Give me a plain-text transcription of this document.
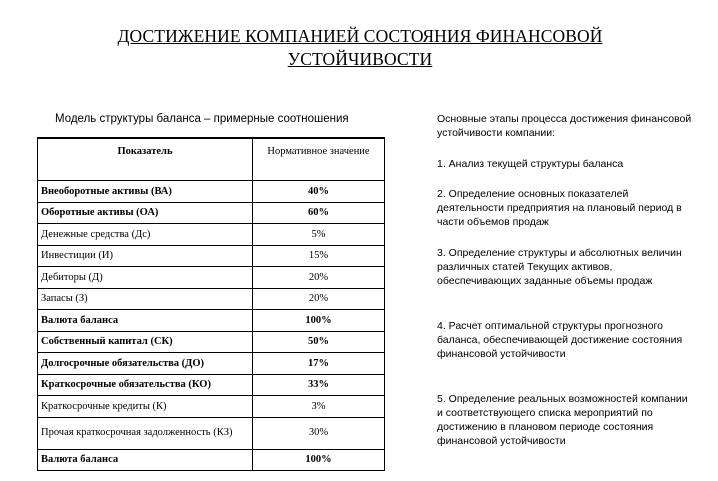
ДОСТИЖЕНИЕ КОМПАНИЕЙ СОСТОЯНИЯ ФИНАНСОВОЙ
УСТОЙЧИВОСТИ
Модель структуры баланса – примерные соотношения
Показатель	Нормативное значение
Внеоборотные активы (ВА)	40%
Оборотные активы (ОА)	60%
Денежные средства (Дс)	5%
Инвестиции (И)	15%
Дебиторы (Д)	20%
Запасы (З)	20%
Валюта баланса	100%
Собственный капитал (СК)	50%
Долгосрочные обязательства (ДО)	17%
Краткосрочные обязательства (КО)	33%
Краткосрочные кредиты (К)	3%
Прочая краткосрочная задолженность (КЗ)	30%
Валюта баланса	100%

Основные этапы процесса достижения финансовой устойчивости компании:

1. Анализ текущей структуры баланса
2. Определение основных показателей деятельности предприятия на плановый период в части объемов продаж
3. Определение структуры и абсолютных величин различных статей Текущих активов, обеспечивающих заданные объемы продаж
4. Расчет оптимальной структуры прогнозного баланса, обеспечивающей достижение состояния финансовой устойчивости
5. Определение реальных возможностей компании и соответствующего списка мероприятий по достижению в плановом периоде состояния финансовой устойчивости
